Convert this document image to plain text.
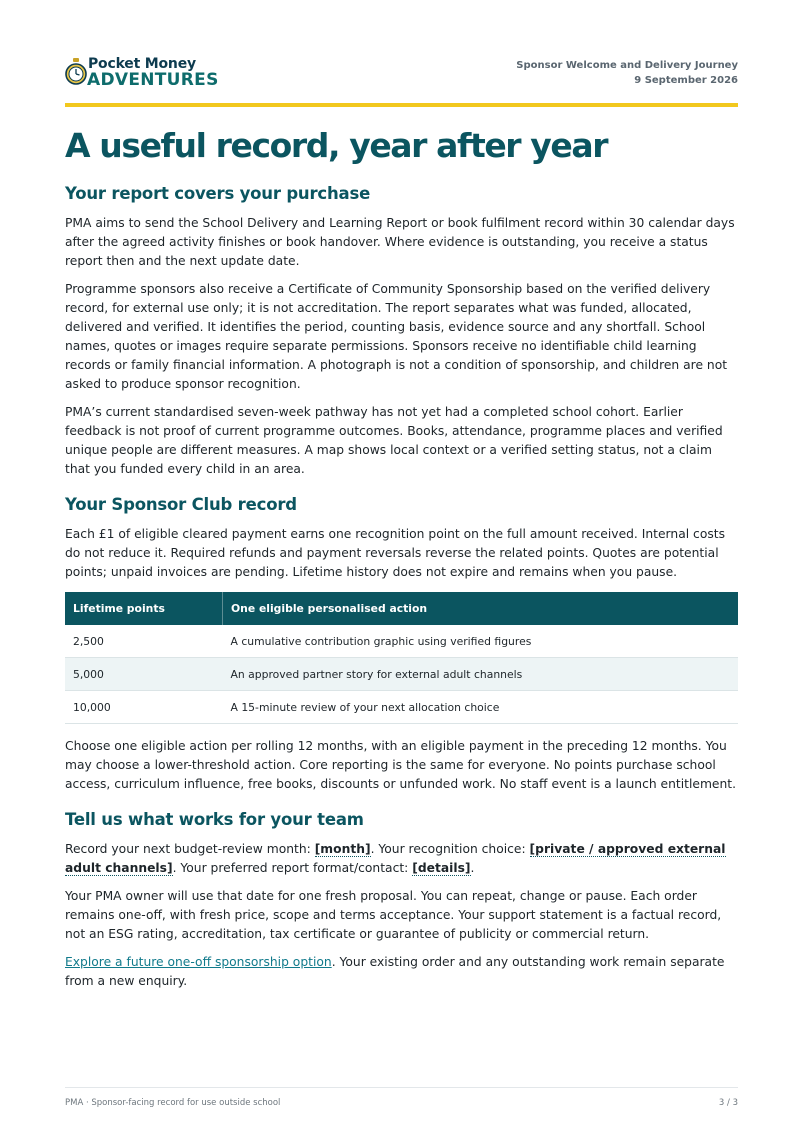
Pocket Money
ADVENTURES
Sponsor Welcome and Delivery Journey
9 September 2026
A useful record, year after year
Your report covers your purchase

PMA aims to send the School Delivery and Learning Report or book fulfilment record within 30 calendar days after the agreed activity finishes or book handover. Where evidence is outstanding, you receive a status report then and the next update date.

Programme sponsors also receive a Certificate of Community Sponsorship based on the verified delivery record, for external use only; it is not accreditation. The report separates what was funded, allocated, delivered and verified. It identifies the period, counting basis, evidence source and any shortfall. School names, quotes or images require separate permissions. Sponsors receive no identifiable child learning records or family financial information. A photograph is not a condition of sponsorship, and children are not asked to produce sponsor recognition.

PMA’s current standardised seven-week pathway has not yet had a completed school cohort. Earlier feedback is not proof of current programme outcomes. Books, attendance, programme places and verified unique people are different measures. A map shows local context or a verified setting status, not a claim that you funded every child in an area.

Your Sponsor Club record

Each £1 of eligible cleared payment earns one recognition point on the full amount received. Internal costs do not reduce it. Required refunds and payment reversals reverse the related points. Quotes are potential points; unpaid invoices are pending. Lifetime history does not expire and remains when you pause.

Lifetime points	One eligible personalised action
2,500	A cumulative contribution graphic using verified figures
5,000	An approved partner story for external adult channels
10,000	A 15-minute review of your next allocation choice

Choose one eligible action per rolling 12 months, with an eligible payment in the preceding 12 months. You may choose a lower-threshold action. Core reporting is the same for everyone. No points purchase school access, curriculum influence, free books, discounts or unfunded work. No staff event is a launch entitlement.

Tell us what works for your team

Record your next budget-review month: [month]. Your recognition choice: [private / approved external adult channels]. Your preferred report format/contact: [details].

Your PMA owner will use that date for one fresh proposal. You can repeat, change or pause. Each order remains one-off, with fresh price, scope and terms acceptance. Your support statement is a factual record, not an ESG rating, accreditation, tax certificate or guarantee of publicity or commercial return.

Explore a future one-off sponsorship option. Your existing order and any outstanding work remain separate from a new enquiry.

PMA · Sponsor-facing record for use outside school	3 / 3
